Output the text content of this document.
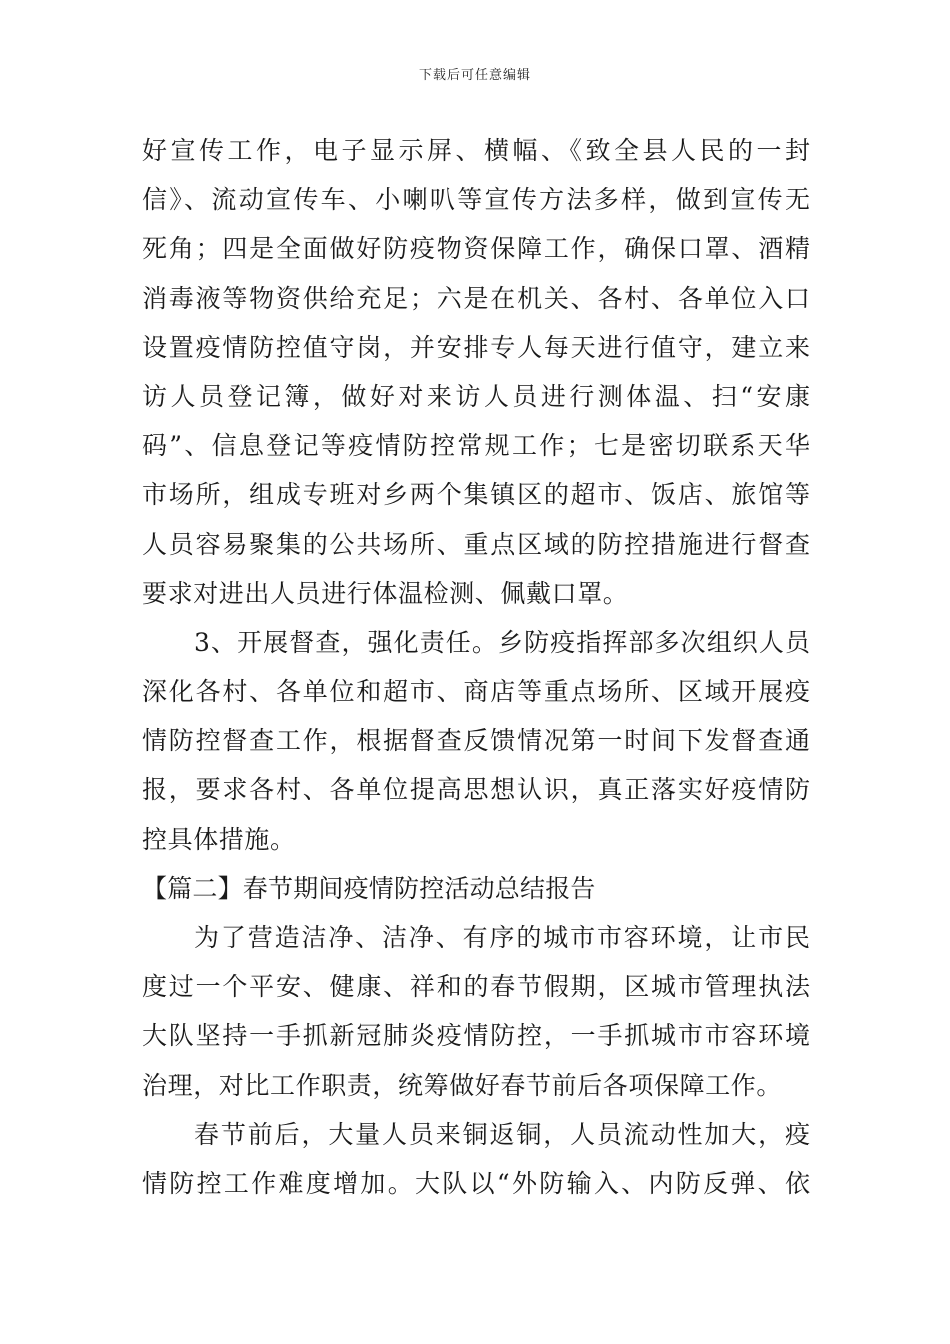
下载后可任意编辑
好宣传工作，电子显示屏、横幅、《致全县人民的一封
信》、流动宣传车、小喇叭等宣传方法多样，做到宣传无
死角；四是全面做好防疫物资保障工作，确保口罩、酒精
消毒液等物资供给充足；六是在机关、各村、各单位入口
设置疫情防控值守岗，并安排专人每天进行值守，建立来
访人员登记簿，做好对来访人员进行测体温、扫“安康
码”、信息登记等疫情防控常规工作；七是密切联系天华
市场所，组成专班对乡两个集镇区的超市、饭店、旅馆等
人员容易聚集的公共场所、重点区域的防控措施进行督查
要求对进出人员进行体温检测、佩戴口罩。
3、开展督查，强化责任。乡防疫指挥部多次组织人员
深化各村、各单位和超市、商店等重点场所、区域开展疫
情防控督查工作，根据督查反馈情况第一时间下发督查通
报，要求各村、各单位提高思想认识，真正落实好疫情防
控具体措施。
【篇二】春节期间疫情防控活动总结报告
为了营造洁净、洁净、有序的城市市容环境，让市民
度过一个平安、健康、祥和的春节假期，区城市管理执法
大队坚持一手抓新冠肺炎疫情防控，一手抓城市市容环境
治理，对比工作职责，统筹做好春节前后各项保障工作。
春节前后，大量人员来铜返铜，人员流动性加大，疫
情防控工作难度增加。大队以“外防输入、内防反弹、依
